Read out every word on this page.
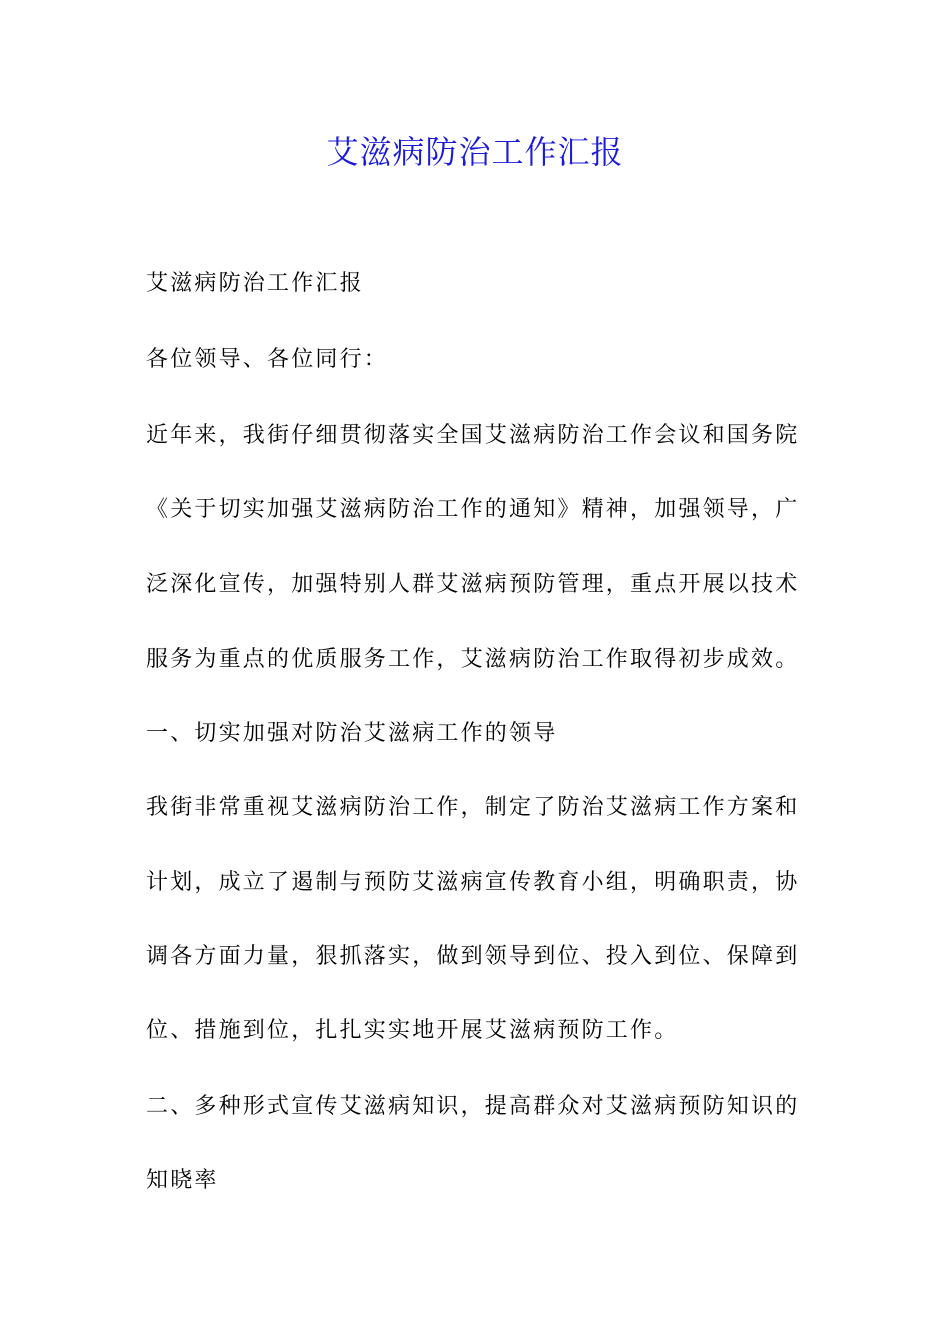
艾滋病防治工作汇报
艾滋病防治工作汇报
各位领导、各位同行：
近年来，我街仔细贯彻落实全国艾滋病防治工作会议和国务院
《关于切实加强艾滋病防治工作的通知》精神，加强领导，广
泛深化宣传，加强特别人群艾滋病预防管理，重点开展以技术
服务为重点的优质服务工作，艾滋病防治工作取得初步成效。
一、切实加强对防治艾滋病工作的领导
我街非常重视艾滋病防治工作，制定了防治艾滋病工作方案和
计划，成立了遏制与预防艾滋病宣传教育小组，明确职责，协
调各方面力量，狠抓落实，做到领导到位、投入到位、保障到
位、措施到位，扎扎实实地开展艾滋病预防工作。
二、多种形式宣传艾滋病知识，提高群众对艾滋病预防知识的
知晓率
